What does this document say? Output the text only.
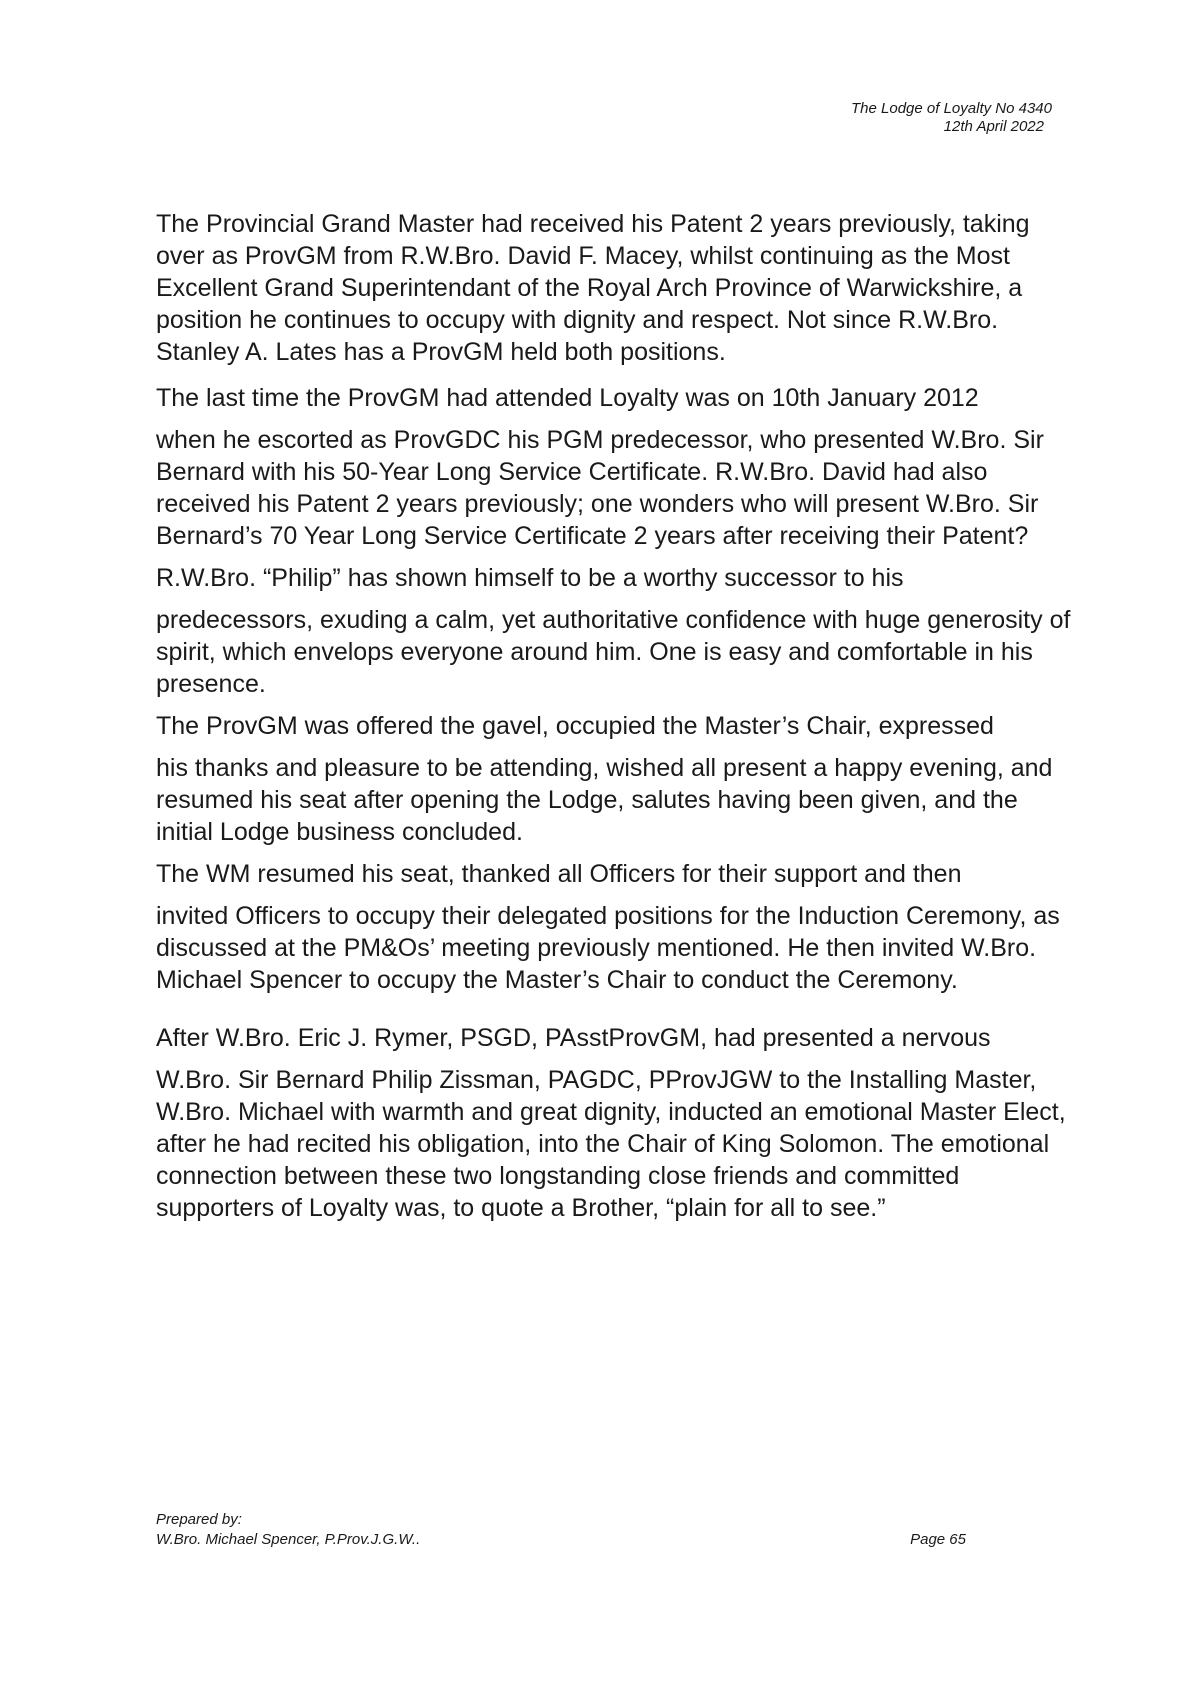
The Lodge of Loyalty No 4340
12th April 2022

The Provincial Grand Master had received his Patent 2 years previously, taking over as ProvGM from R.W.Bro. David F. Macey, whilst continuing as the Most Excellent Grand Superintendant of the Royal Arch Province of Warwickshire, a position he continues to occupy with dignity and respect. Not since R.W.Bro. Stanley A. Lates has a ProvGM held both positions.

The last time the ProvGM had attended Loyalty was on 10th January 2012

when he escorted as ProvGDC his PGM predecessor, who presented W.Bro. Sir Bernard with his 50-Year Long Service Certificate. R.W.Bro. David had also received his Patent 2 years previously; one wonders who will present W.Bro. Sir Bernard’s 70 Year Long Service Certificate 2 years after receiving their Patent?

R.W.Bro. “Philip” has shown himself to be a worthy successor to his

predecessors, exuding a calm, yet authoritative confidence with huge generosity of spirit, which envelops everyone around him. One is easy and comfortable in his presence.

The ProvGM was offered the gavel, occupied the Master’s Chair, expressed

his thanks and pleasure to be attending, wished all present a happy evening, and resumed his seat after opening the Lodge, salutes having been given, and the initial Lodge business concluded.

The WM resumed his seat, thanked all Officers for their support and then

invited Officers to occupy their delegated positions for the Induction Ceremony, as discussed at the PM&Os’ meeting previously mentioned. He then invited W.Bro. Michael Spencer to occupy the Master’s Chair to conduct the Ceremony.

After W.Bro. Eric J. Rymer, PSGD, PAsstProvGM, had presented a nervous

W.Bro. Sir Bernard Philip Zissman, PAGDC, PProvJGW to the Installing Master, W.Bro. Michael with warmth and great dignity, inducted an emotional Master Elect, after he had recited his obligation, into the Chair of King Solomon. The emotional connection between these two longstanding close friends and committed supporters of Loyalty was, to quote a Brother, “plain for all to see.”

Prepared by:
W.Bro. Michael Spencer, P.Prov.J.G.W..	Page 65
